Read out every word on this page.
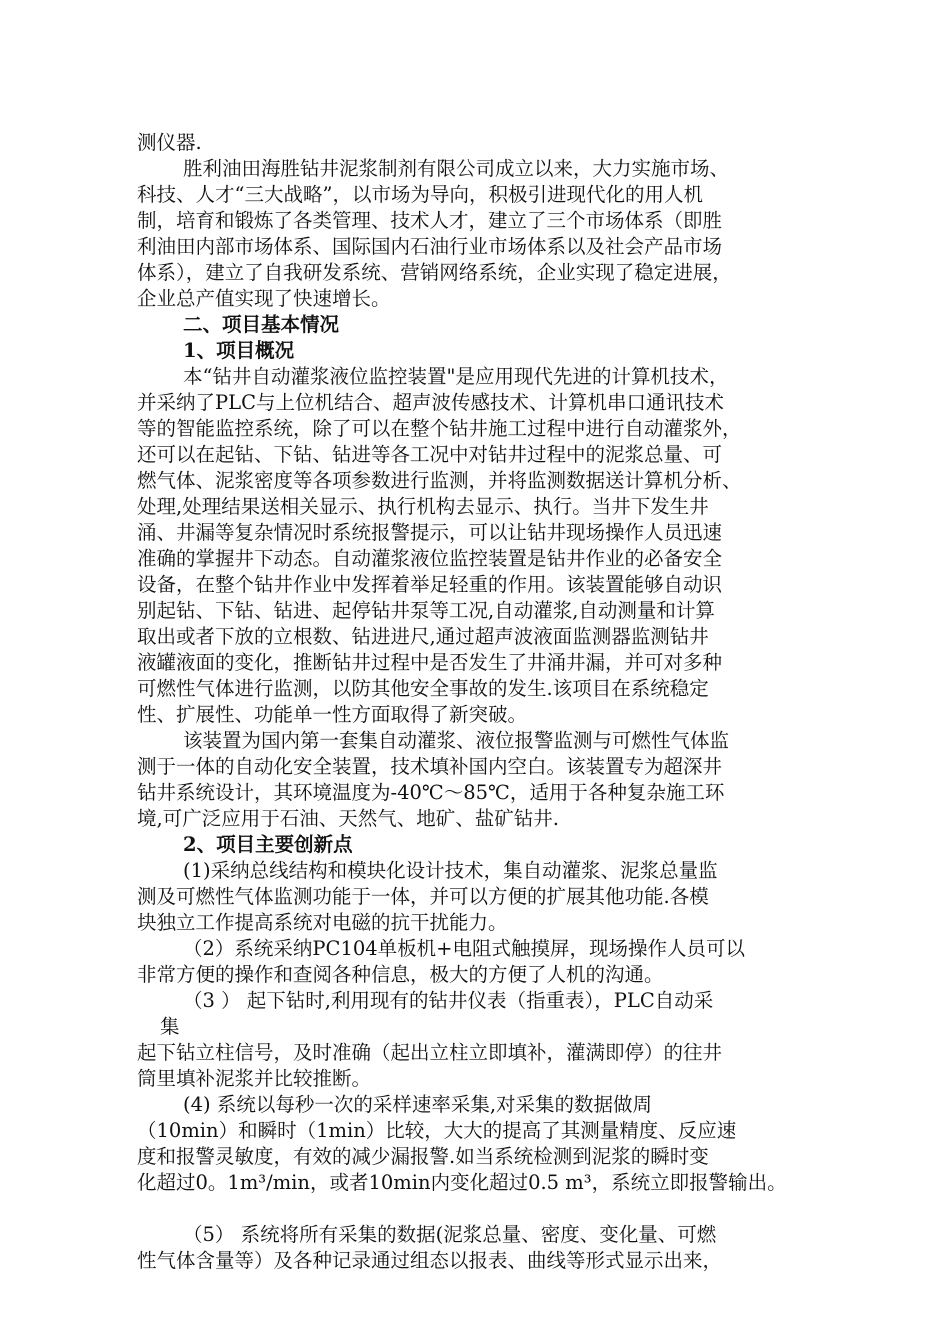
测仪器.
胜利油田海胜钻井泥浆制剂有限公司成立以来，大力实施市场、
科技、人才“三大战略”，以市场为导向，积极引进现代化的用人机
制，培育和锻炼了各类管理、技术人才，建立了三个市场体系（即胜
利油田内部市场体系、国际国内石油行业市场体系以及社会产品市场
体系），建立了自我研发系统、营销网络系统，企业实现了稳定进展，
企业总产值实现了快速增长。
二、项目基本情况
1、项目概况
本“钻井自动灌浆液位监控装置"是应用现代先进的计算机技术，
并采纳了PLC与上位机结合、超声波传感技术、计算机串口通讯技术
等的智能监控系统，除了可以在整个钻井施工过程中进行自动灌浆外，
还可以在起钻、下钻、钻进等各工况中对钻井过程中的泥浆总量、可
燃气体、泥浆密度等各项参数进行监测，并将监测数据送计算机分析、
处理,处理结果送相关显示、执行机构去显示、执行。当井下发生井
涌、井漏等复杂情况时系统报警提示，可以让钻井现场操作人员迅速
准确的掌握井下动态。自动灌浆液位监控装置是钻井作业的必备安全
设备，在整个钻井作业中发挥着举足轻重的作用。该装置能够自动识
别起钻、下钻、钻进、起停钻井泵等工况,自动灌浆,自动测量和计算
取出或者下放的立根数、钻进进尺,通过超声波液面监测器监测钻井
液罐液面的变化，推断钻井过程中是否发生了井涌井漏，并可对多种
可燃性气体进行监测，以防其他安全事故的发生.该项目在系统稳定
性、扩展性、功能单一性方面取得了新突破。
该装置为国内第一套集自动灌浆、液位报警监测与可燃性气体监
测于一体的自动化安全装置，技术填补国内空白。该装置专为超深井
钻井系统设计，其环境温度为-40℃～85℃，适用于各种复杂施工环
境,可广泛应用于石油、天然气、地矿、盐矿钻井.
2、项目主要创新点
(1)采纳总线结构和模块化设计技术，集自动灌浆、泥浆总量监
测及可燃性气体监测功能于一体，并可以方便的扩展其他功能.各模
块独立工作提高系统对电磁的抗干扰能力。
（2）系统采纳PC104单板机+电阻式触摸屏，现场操作人员可以
非常方便的操作和查阅各种信息，极大的方便了人机的沟通。
（3 ） 起下钻时,利用现有的钻井仪表（指重表），PLC自动采
集
起下钻立柱信号，及时准确（起出立柱立即填补，灌满即停）的往井
筒里填补泥浆并比较推断。
(4) 系统以每秒一次的采样速率采集,对采集的数据做周
（10min）和瞬时（1min）比较，大大的提高了其测量精度、反应速
度和报警灵敏度，有效的减少漏报警.如当系统检测到泥浆的瞬时变
化超过0。1m³/min，或者10min内变化超过0.5 m³，系统立即报警输出。
（5） 系统将所有采集的数据(泥浆总量、密度、变化量、可燃
性气体含量等）及各种记录通过组态以报表、曲线等形式显示出来，
